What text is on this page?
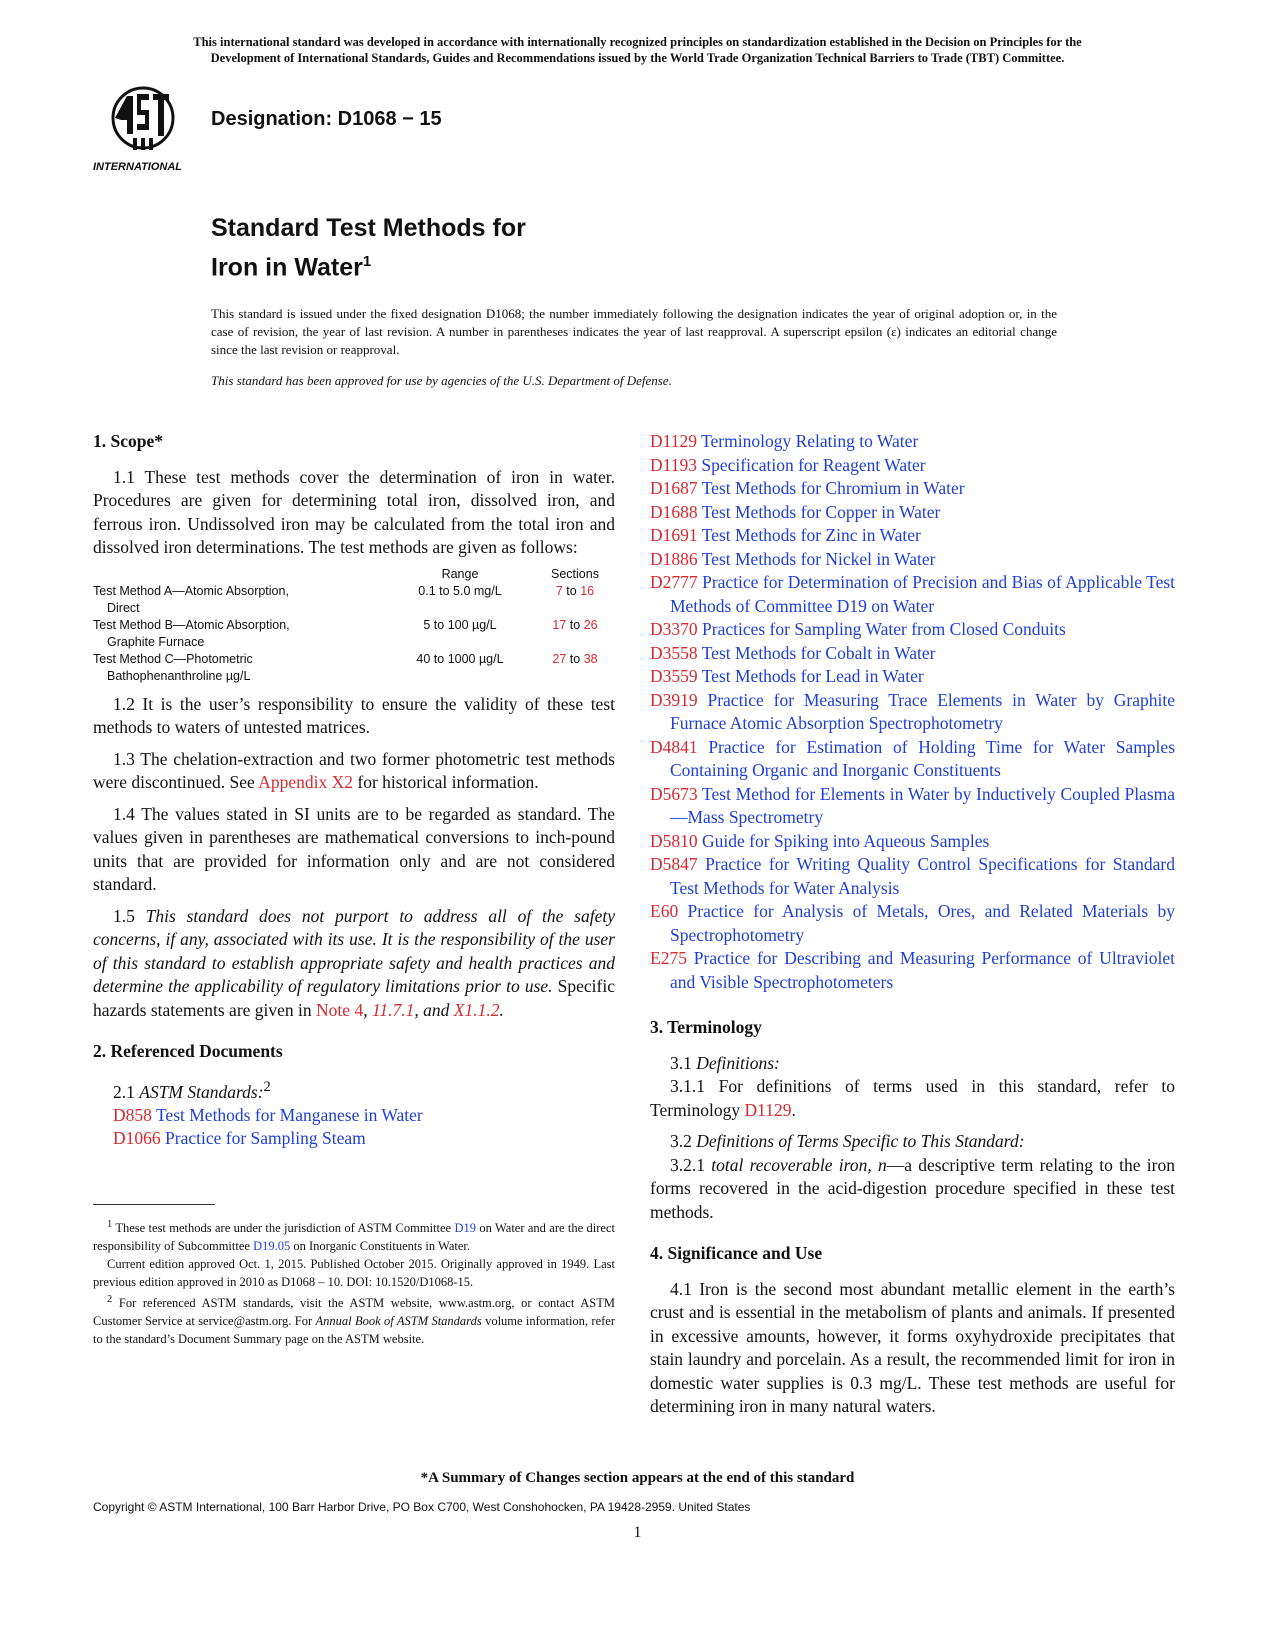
This international standard was developed in accordance with internationally recognized principles on standardization established in the Decision on Principles for the
Development of International Standards, Guides and Recommendations issued by the World Trade Organization Technical Barriers to Trade (TBT) Committee.
INTERNATIONAL
Designation: D1068 − 15
Standard Test Methods for
Iron in Water$^1$
This standard is issued under the fixed designation D1068; the number immediately following the designation indicates the year of original adoption or, in the case of revision, the year of last revision. A number in parentheses indicates the year of last reapproval. A superscript epsilon (ε) indicates an editorial change since the last revision or reapproval.
This standard has been approved for use by agencies of the U.S. Department of Defense.
1. Scope*
1.1 These test methods cover the determination of iron in water. Procedures are given for determining total iron, dissolved iron, and ferrous iron. Undissolved iron may be calculated from the total iron and dissolved iron determinations. The test methods are given as follows:
	Range	Sections

Test Method A—Atomic Absorption,
Direct	0.1 to 5.0 mg/L	7 to 16

Test Method B—Atomic Absorption,
Graphite Furnace	5 to 100 µg/L	17 to 26

Test Method C—Photometric
Bathophenanthroline µg/L	40 to 1000 µg/L	27 to 38
1.2 It is the user’s responsibility to ensure the validity of these test methods to waters of untested matrices.
1.3 The chelation-extraction and two former photometric test methods were discontinued. See Appendix X2 for historical information.
1.4 The values stated in SI units are to be regarded as standard. The values given in parentheses are mathematical conversions to inch-pound units that are provided for information only and are not considered standard.
1.5 This standard does not purport to address all of the safety concerns, if any, associated with its use. It is the responsibility of the user of this standard to establish appropriate safety and health practices and determine the applicability of regulatory limitations prior to use. Specific hazards statements are given in Note 4, 11.7.1, and X1.1.2.
2. Referenced Documents
2.1 ASTM Standards:$^2$
D858 Test Methods for Manganese in Water
D1066 Practice for Sampling Steam

$^1$ These test methods are under the jurisdiction of ASTM Committee D19 on Water and are the direct responsibility of Subcommittee D19.05 on Inorganic Constituents in Water.

Current edition approved Oct. 1, 2015. Published October 2015. Originally approved in 1949. Last previous edition approved in 2010 as D1068 – 10. DOI: 10.1520/D1068-15.

$^2$ For referenced ASTM standards, visit the ASTM website, www.astm.org, or contact ASTM Customer Service at service@astm.org. For Annual Book of ASTM Standards volume information, refer to the standard’s Document Summary page on the ASTM website.

D1129 Terminology Relating to Water
D1193 Specification for Reagent Water
D1687 Test Methods for Chromium in Water
D1688 Test Methods for Copper in Water
D1691 Test Methods for Zinc in Water
D1886 Test Methods for Nickel in Water
D2777 Practice for Determination of Precision and Bias of Applicable Test Methods of Committee D19 on Water
D3370 Practices for Sampling Water from Closed Conduits
D3558 Test Methods for Cobalt in Water
D3559 Test Methods for Lead in Water
D3919 Practice for Measuring Trace Elements in Water by Graphite Furnace Atomic Absorption Spectrophotometry
D4841 Practice for Estimation of Holding Time for Water Samples Containing Organic and Inorganic Constituents
D5673 Test Method for Elements in Water by Inductively Coupled Plasma—Mass Spectrometry
D5810 Guide for Spiking into Aqueous Samples
D5847 Practice for Writing Quality Control Specifications for Standard Test Methods for Water Analysis
E60 Practice for Analysis of Metals, Ores, and Related Materials by Spectrophotometry
E275 Practice for Describing and Measuring Performance of Ultraviolet and Visible Spectrophotometers
3. Terminology
3.1 Definitions:
3.1.1 For definitions of terms used in this standard, refer to Terminology D1129.
3.2 Definitions of Terms Specific to This Standard:
3.2.1 total recoverable iron, n—a descriptive term relating to the iron forms recovered in the acid-digestion procedure specified in these test methods.
4. Significance and Use
4.1 Iron is the second most abundant metallic element in the earth’s crust and is essential in the metabolism of plants and animals. If presented in excessive amounts, however, it forms oxyhydroxide precipitates that stain laundry and porcelain. As a result, the recommended limit for iron in domestic water supplies is 0.3 mg/L. These test methods are useful for determining iron in many natural waters.
*A Summary of Changes section appears at the end of this standard
Copyright © ASTM International, 100 Barr Harbor Drive, PO Box C700, West Conshohocken, PA 19428-2959. United States
1
